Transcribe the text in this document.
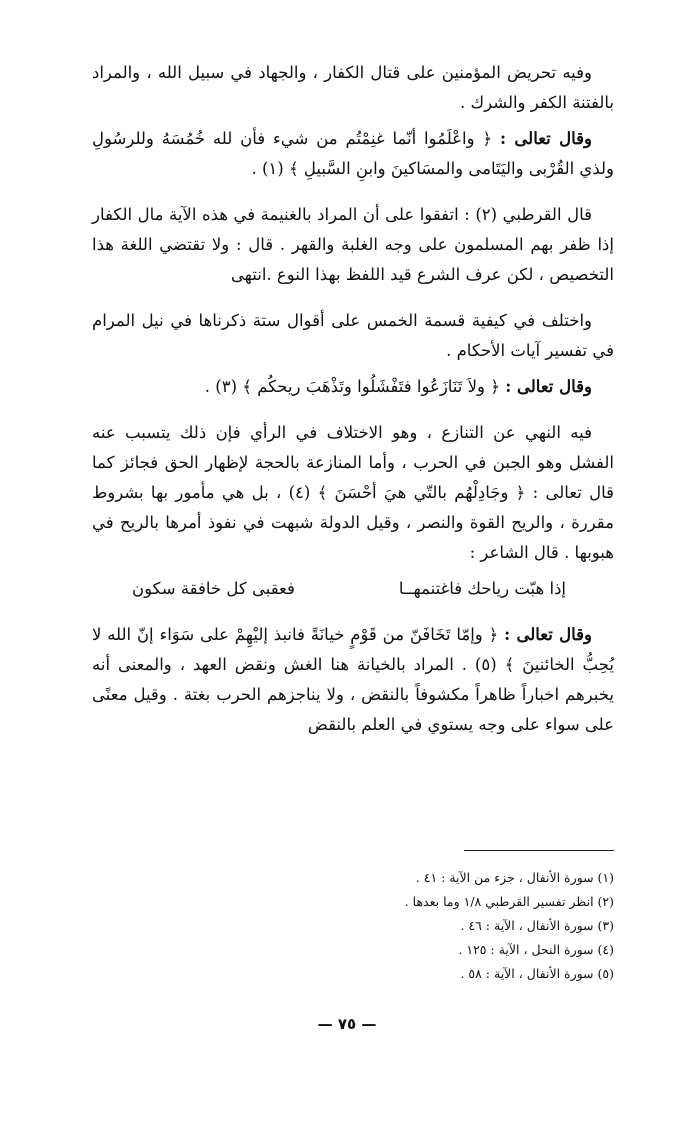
وفيه تحريض المؤمنين على قتال الكفار ، والجهاد في سبيل الله ، والمراد بالفتنة الكفر والشرك .

وقال تعالى : ﴿ واعْلَمُوا أنّما غنِمْتُم من شيء فأن لله خُمُسَهُ وللرسُولِ ولذي القُرْبى واليَتَامى والمسَاكينَ وابنِ السَّبيلِ ﴾ (١) .

قال القرطبي (٢) : اتفقوا على أن المراد بالغنيمة في هذه الآية مال الكفار إذا ظفر بهم المسلمون على وجه الغلبة والقهر . قال : ولا تقتضي اللغة هذا التخصيص ، لكن عرف الشرع قيد اللفظ بهذا النوع .انتهى

واختلف في كيفية قسمة الخمس على أقوال ستة ذكرناها في نيل المرام في تفسير آيات الأحكام .

وقال تعالى : ﴿ ولاَ تَنَازَعُوا فتَفْشَلُوا وتَذْهَبَ ريحكُم ﴾ (٣) .

فيه النهي عن التنازع ، وهو الاختلاف في الرأي فإن ذلك يتسبب عنه الفشل وهو الجبن في الحرب ، وأما المنازعة بالحجة لإظهار الحق فجائز كما قال تعالى : ﴿ وجَادِلْهُم بالتّي هيَ أحْسَنَ ﴾ (٤) ، بل هي مأمور بها بشروط مقررة ، والريح القوة والنصر ، وقيل الدولة شبهت في نفوذ أمرها بالريح في هبوبها . قال الشاعر :

إذا هبّت رياحك فاغتنمهــا
فعقبى كل خافقة سكون

وقال تعالى : ﴿ وإمّا تَخَافَنّ من قَوْمٍ خيانَةً فانبذ إليْهِمْ على سَوَاء إنّ الله لا يُحِبُّ الخائنينَ ﴾ (٥) . المراد بالخيانة هنا الغش ونقض العهد ، والمعنى أنه يخبرهم اخباراً ظاهراً مكشوفاً بالنقض ، ولا يناجزهم الحرب بغتة . وقيل معنًى على سواء على وجه يستوي في العلم بالنقض

(١) سورة الأنفال ، جزء من الآية : ٤١ .
(٢) انظر تفسير القرطبي ١/٨ وما بعدها .
(٣) سورة الأنفال ، الآية : ٤٦ .
(٤) سورة النحل ، الآية : ١٢٥ .
(٥) سورة الأنفال ، الآية : ٥٨ .
— ٧٥ —
